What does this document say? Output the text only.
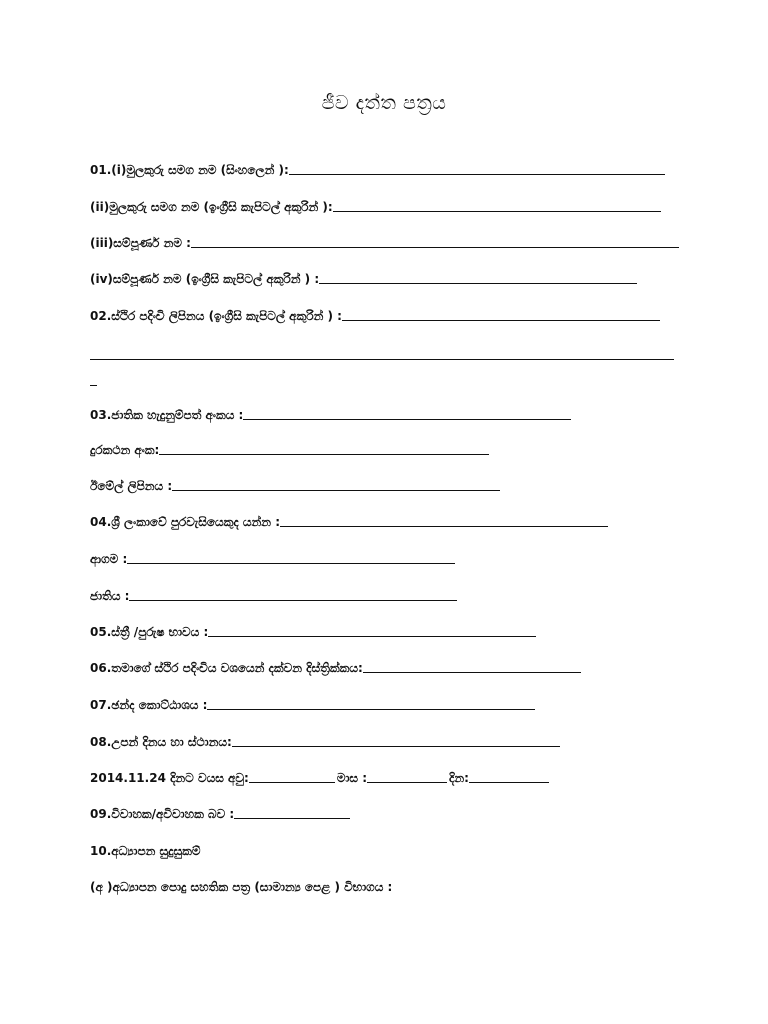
ජීව දත්ත පත්‍රය
01.(i)මුලකුරු සමග නම (සිංහලෙන් ):
(ii)මුලකුරු සමග නම (ඉංග්‍රීසි කැපිටල් අකුරින් ):
(iii)සම්පූර්ණ නම :
(iv)සම්පූර්ණ නම (ඉංග්‍රීසි කැපිටල් අකුරින් ) :
02.ස්ථිර පදිංචි ලිපිනය (ඉංග්‍රීසි කැපිටල් අකුරින් ) :
03.ජාතික හැදුනුම්පත් අංකය :
දුරකථන අංක:
ඊමේල් ලිපිනය :
04.ශ්‍රී ලංකාවේ පුරවැසියෙකුද යන්න :
ආගම :
ජාතිය :
05.ස්ත්‍රී /පුරුෂ භාවය :
06.තමාගේ ස්ථිර පදිංචිය වශයෙන් දක්වන දිස්ත්‍රික්කය:
07.ඡන්ද කොට්ඨාශය :
08.උපන් දිනය හා ස්ථානය:
2014.11.24 දිනට වයස අවු:	මාස :	දින:
09.විවාහක/අවිවාහක බව :
10.අධ්‍යාපන සුදුසුකම්
(අ )අධ්‍යාපන පොදු සහතික පත්‍ර (සාමාන්‍ය පෙළ ) විභාගය :
